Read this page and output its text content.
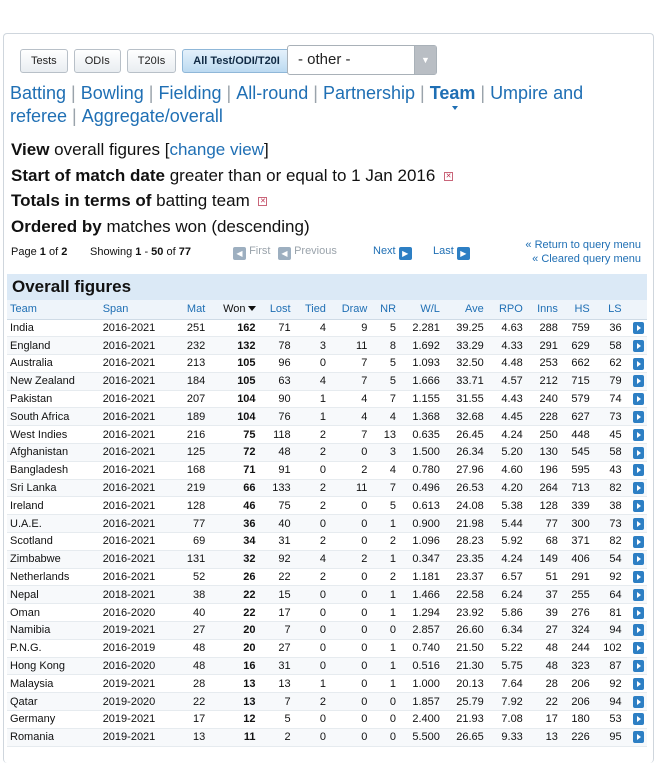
Tests	ODIs	T20Is	All Test/ODI/T20I	- other -	▼
Batting | Bowling | Fielding | All-round | Partnership | Team | Umpire and referee | Aggregate/overall
View overall figures [change view]
Start of match date greater than or equal to 1 Jan 2016 ✕
Totals in terms of batting team ✕
Ordered by matches won (descending)
Page 1 of 2 Showing 1 - 50 of 77	◀ First	◀ Previous	Next ▶	Last ▶
« Return to query menu
« Cleared query menu
Overall figures
Team	Span	Mat	Won	Lost	Tied	Draw	NR	W/L	Ave	RPO	Inns	HS	LS	
India	2016-2021	251	162	71	4	9	5	2.281	39.25	4.63	288	759	36	
England	2016-2021	232	132	78	3	11	8	1.692	33.29	4.33	291	629	58	
Australia	2016-2021	213	105	96	0	7	5	1.093	32.50	4.48	253	662	62	
New Zealand	2016-2021	184	105	63	4	7	5	1.666	33.71	4.57	212	715	79	
Pakistan	2016-2021	207	104	90	1	4	7	1.155	31.55	4.43	240	579	74	
South Africa	2016-2021	189	104	76	1	4	4	1.368	32.68	4.45	228	627	73	
West Indies	2016-2021	216	75	118	2	7	13	0.635	26.45	4.24	250	448	45	
Afghanistan	2016-2021	125	72	48	2	0	3	1.500	26.34	5.20	130	545	58	
Bangladesh	2016-2021	168	71	91	0	2	4	0.780	27.96	4.60	196	595	43	
Sri Lanka	2016-2021	219	66	133	2	11	7	0.496	26.53	4.20	264	713	82	
Ireland	2016-2021	128	46	75	2	0	5	0.613	24.08	5.38	128	339	38	
U.A.E.	2016-2021	77	36	40	0	0	1	0.900	21.98	5.44	77	300	73	
Scotland	2016-2021	69	34	31	2	0	2	1.096	28.23	5.92	68	371	82	
Zimbabwe	2016-2021	131	32	92	4	2	1	0.347	23.35	4.24	149	406	54	
Netherlands	2016-2021	52	26	22	2	0	2	1.181	23.37	6.57	51	291	92	
Nepal	2018-2021	38	22	15	0	0	1	1.466	22.58	6.24	37	255	64	
Oman	2016-2020	40	22	17	0	0	1	1.294	23.92	5.86	39	276	81	
Namibia	2019-2021	27	20	7	0	0	0	2.857	26.60	6.34	27	324	94	
P.N.G.	2016-2019	48	20	27	0	0	1	0.740	21.50	5.22	48	244	102	
Hong Kong	2016-2020	48	16	31	0	0	1	0.516	21.30	5.75	48	323	87	
Malaysia	2019-2021	28	13	13	1	0	1	1.000	20.13	7.64	28	206	92	
Qatar	2019-2020	22	13	7	2	0	0	1.857	25.79	7.92	22	206	94	
Germany	2019-2021	17	12	5	0	0	0	2.400	21.93	7.08	17	180	53	
Romania	2019-2021	13	11	2	0	0	0	5.500	26.65	9.33	13	226	95	
